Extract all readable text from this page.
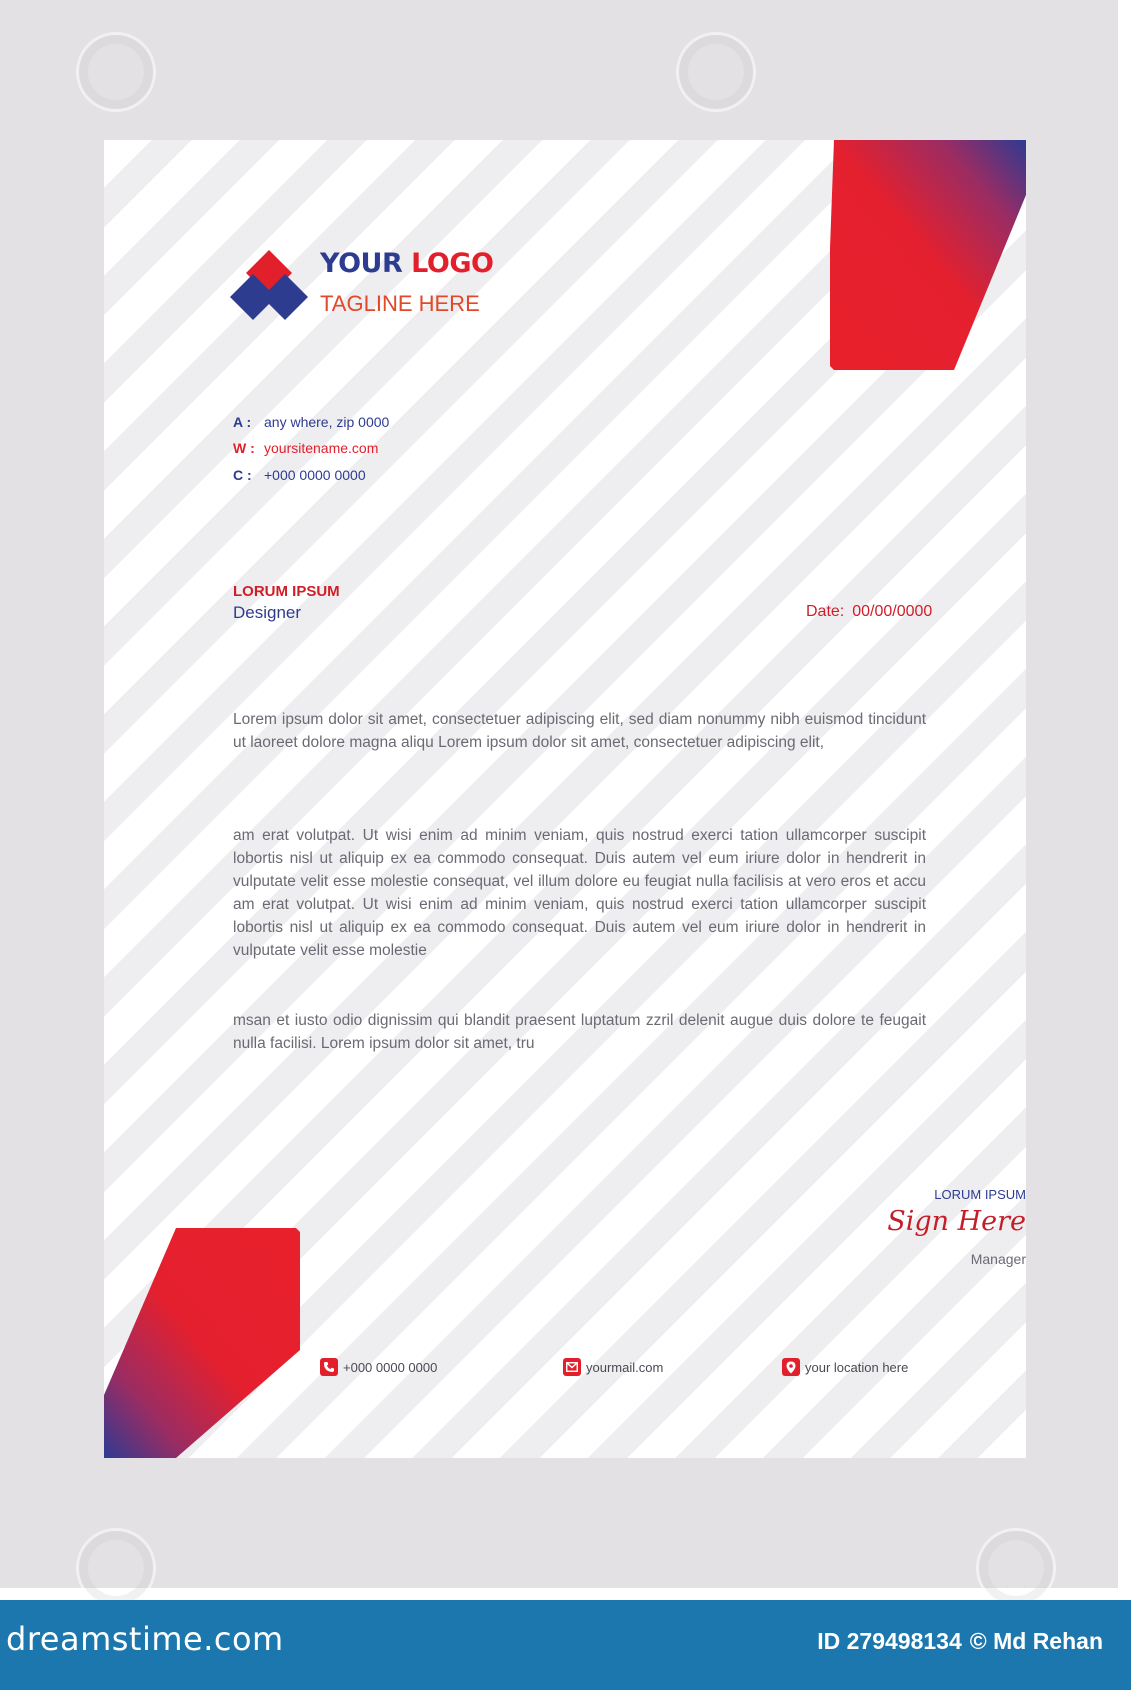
YOUR LOGO
TAGLINE HERE
A : any where, zip 0000
W : yoursitename.com
C : +000 0000 0000
LORUM IPSUM
Designer	Date: 00/00/0000

Lorem ipsum dolor sit amet, consectetuer adipiscing elit, sed diam nonummy nibh euismod tincidunt ut laoreet dolore magna aliqu Lorem ipsum dolor sit amet, consectetuer adipiscing elit,

am erat volutpat. Ut wisi enim ad minim veniam, quis nostrud exerci tation ullamcorper suscipit lobortis nisl ut aliquip ex ea commodo consequat. Duis autem vel eum iriure dolor in hendrerit in vulputate velit esse molestie consequat, vel illum dolore eu feugiat nulla facilisis at vero eros et accu am erat volutpat. Ut wisi enim ad minim veniam, quis nostrud exerci tation ullamcorper suscipit lobortis nisl ut aliquip ex ea commodo consequat. Duis autem vel eum iriure dolor in hendrerit in vulputate velit esse molestie

msan et iusto odio dignissim qui blandit praesent luptatum zzril delenit augue duis dolore te feugait nulla facilisi. Lorem ipsum dolor sit amet, tru

LORUM IPSUM
Sign Here
Manager
+000 0000 0000	yourmail.com	your location here
dreamstime.com	ID 279498134 © Md Rehan
